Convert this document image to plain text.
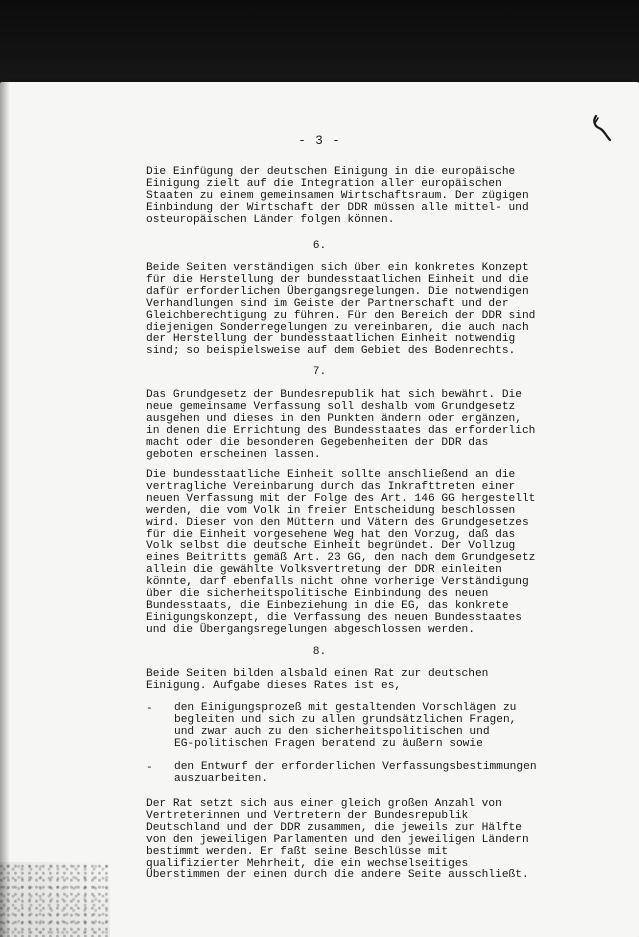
- 3 -
Die Einfügung der deutschen Einigung in die europäische
Einigung zielt auf die Integration aller europäischen
Staaten zu einem gemeinsamen Wirtschaftsraum. Der zügigen
Einbindung der Wirtschaft der DDR müssen alle mittel- und
osteuropäischen Länder folgen können.
6.
Beide Seiten verständigen sich über ein konkretes Konzept
für die Herstellung der bundesstaatlichen Einheit und die
dafür erforderlichen Übergangsregelungen. Die notwendigen
Verhandlungen sind im Geiste der Partnerschaft und der
Gleichberechtigung zu führen. Für den Bereich der DDR sind
diejenigen Sonderregelungen zu vereinbaren, die auch nach
der Herstellung der bundesstaatlichen Einheit notwendig
sind; so beispielsweise auf dem Gebiet des Bodenrechts.
7.
Das Grundgesetz der Bundesrepublik hat sich bewährt. Die
neue gemeinsame Verfassung soll deshalb vom Grundgesetz
ausgehen und dieses in den Punkten ändern oder ergänzen,
in denen die Errichtung des Bundesstaates das erforderlich
macht oder die besonderen Gegebenheiten der DDR das
geboten erscheinen lassen.
Die bundesstaatliche Einheit sollte anschließend an die
vertragliche Vereinbarung durch das Inkrafttreten einer
neuen Verfassung mit der Folge des Art. 146 GG hergestellt
werden, die vom Volk in freier Entscheidung beschlossen
wird. Dieser von den Müttern und Vätern des Grundgesetzes
für die Einheit vorgesehene Weg hat den Vorzug, daß das
Volk selbst die deutsche Einheit begründet. Der Vollzug
eines Beitritts gemäß Art. 23 GG, den nach dem Grundgesetz
allein die gewählte Volksvertretung der DDR einleiten
könnte, darf ebenfalls nicht ohne vorherige Verständigung
über die sicherheitspolitische Einbindung des neuen
Bundesstaats, die Einbeziehung in die EG, das konkrete
Einigungskonzept, die Verfassung des neuen Bundesstaates
und die Übergangsregelungen abgeschlossen werden.
8.
Beide Seiten bilden alsbald einen Rat zur deutschen
Einigung. Aufgabe dieses Rates ist es,
- den Einigungsprozeß mit gestaltenden Vorschlägen zu
begleiten und sich zu allen grundsätzlichen Fragen,
und zwar auch zu den sicherheitspolitischen und
EG-politischen Fragen beratend zu äußern sowie
- den Entwurf der erforderlichen Verfassungsbestimmungen
auszuarbeiten.
Der Rat setzt sich aus einer gleich großen Anzahl von
Vertreterinnen und Vertretern der Bundesrepublik
Deutschland und der DDR zusammen, die jeweils zur Hälfte
von den jeweiligen Parlamenten und den jeweiligen Ländern
bestimmt werden. Er faßt seine Beschlüsse mit
qualifizierter Mehrheit, die ein wechselseitiges
Überstimmen der einen durch die andere Seite ausschließt.
